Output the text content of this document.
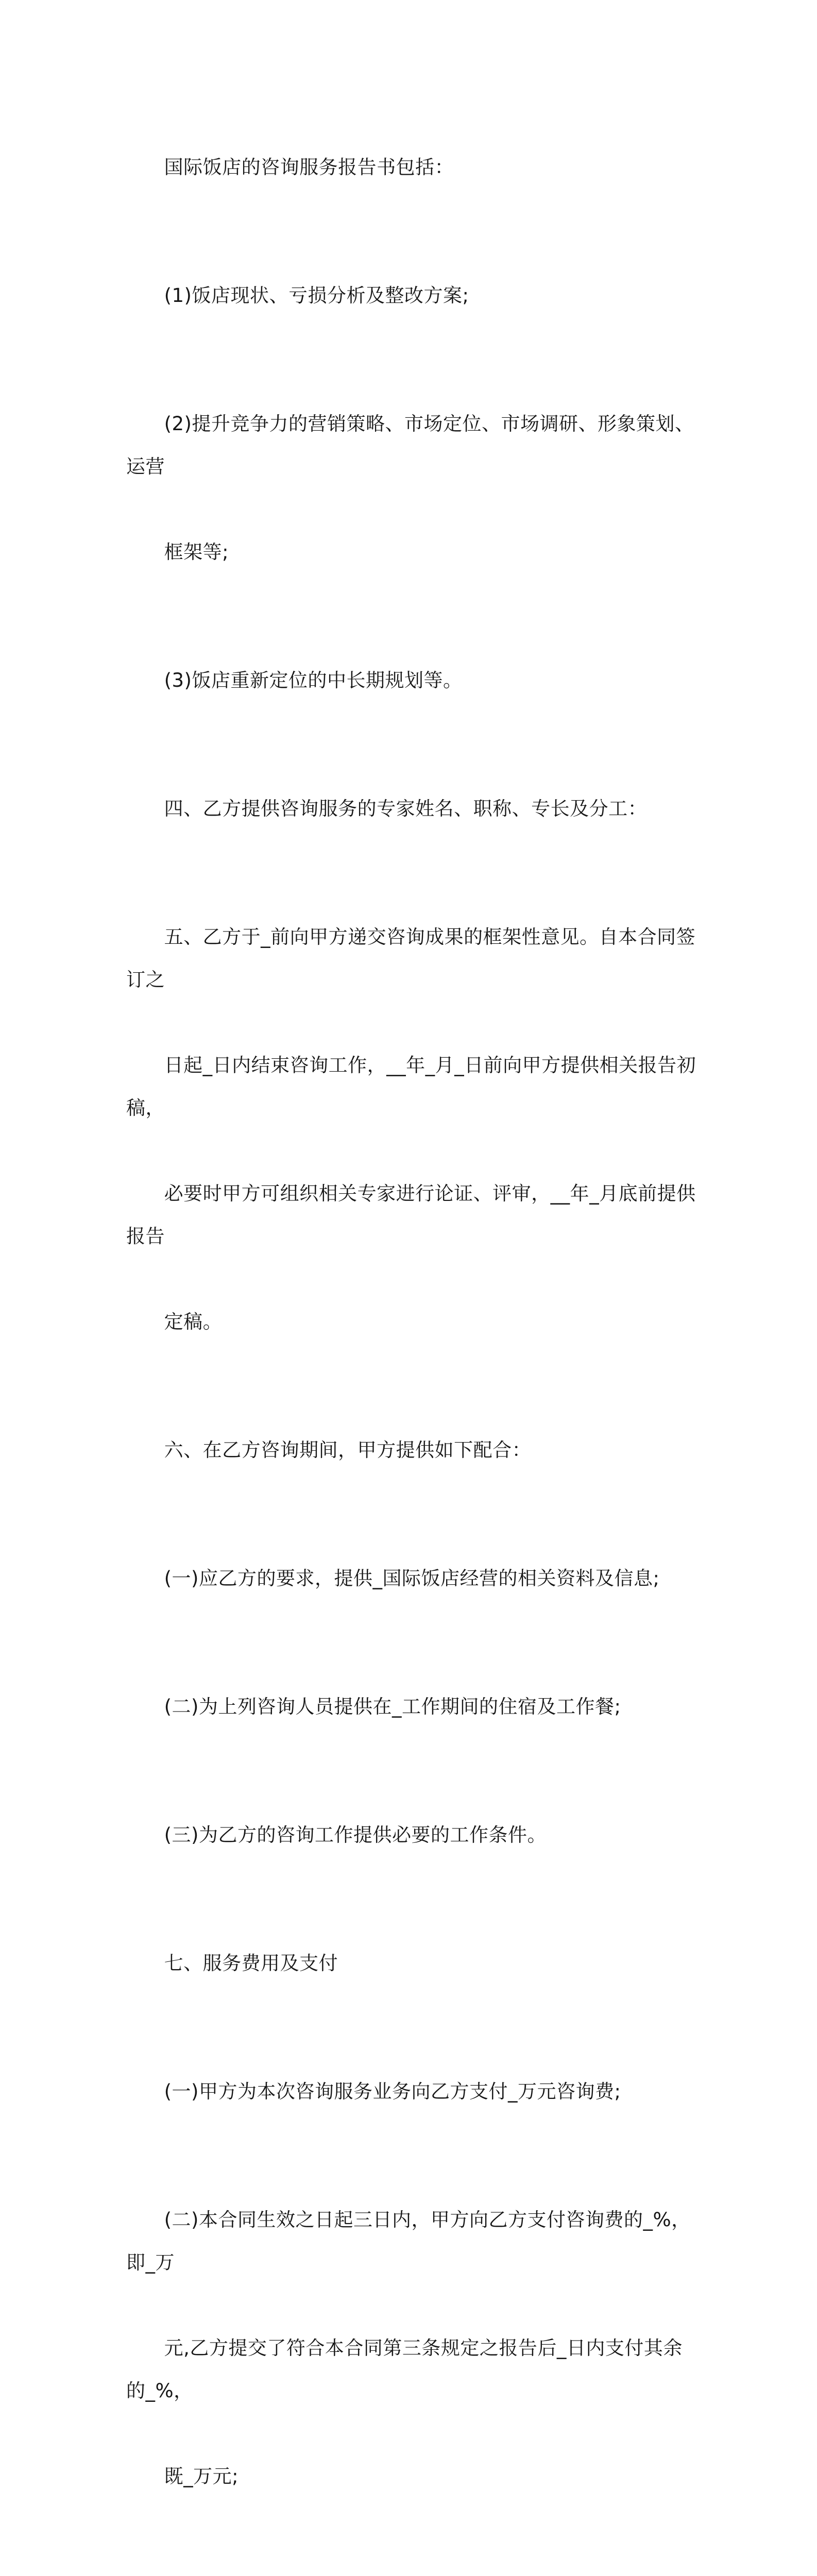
国际饭店的咨询服务报告书包括：

(1)饭店现状、亏损分析及整改方案;

(2)提升竞争力的营销策略、市场定位、市场调研、形象策划、运营

框架等;

(3)饭店重新定位的中长期规划等。

四、乙方提供咨询服务的专家姓名、职称、专长及分工：

五、乙方于_前向甲方递交咨询成果的框架性意见。自本合同签订之

日起_日内结束咨询工作，__年_月_日前向甲方提供相关报告初稿，

必要时甲方可组织相关专家进行论证、评审，__年_月底前提供报告

定稿。

六、在乙方咨询期间，甲方提供如下配合：

(一)应乙方的要求，提供_国际饭店经营的相关资料及信息;

(二)为上列咨询人员提供在_工作期间的住宿及工作餐;

(三)为乙方的咨询工作提供必要的工作条件。

七、服务费用及支付

(一)甲方为本次咨询服务业务向乙方支付_万元咨询费;

(二)本合同生效之日起三日内，甲方向乙方支付咨询费的_%，即_万

元,乙方提交了符合本合同第三条规定之报告后_日内支付其余的_%，

既_万元;
